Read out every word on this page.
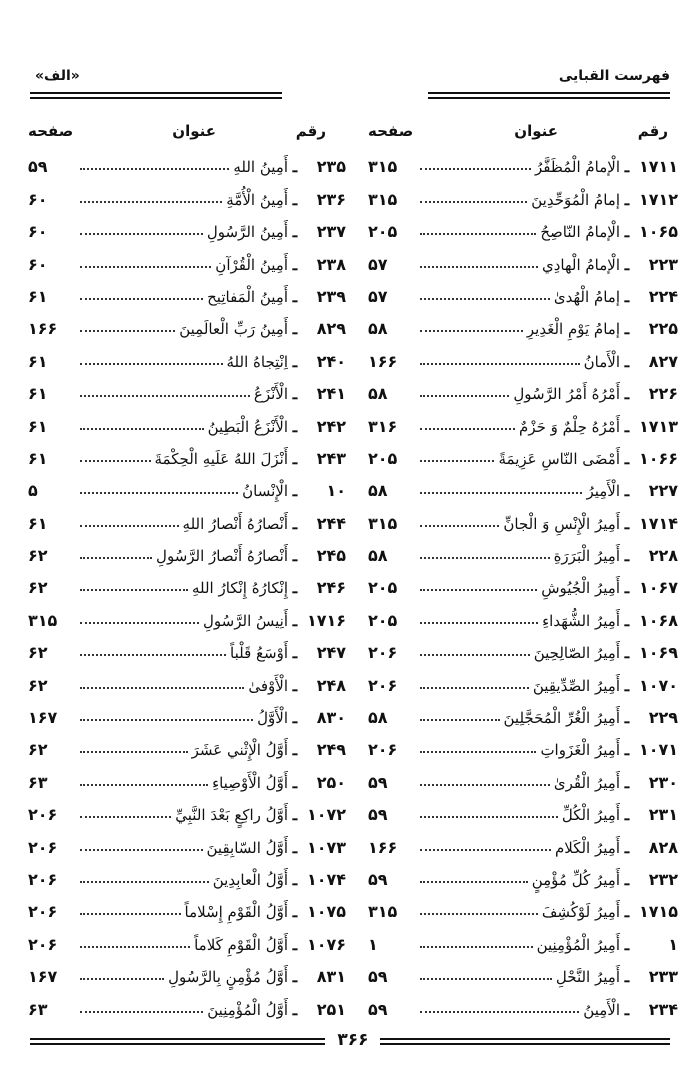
فهرست القبایی
«الف»
رقم
عنوان
صفحه
۱۷۱۱
ـ
الْإمامُ الْمُظَفَّرُ
۳۱۵
۱۷۱۲
ـ
إمامُ الْمُوَحِّدِينَ
۳۱۵
۱۰۶۵
ـ
الْإمامُ النّاصِحُ
۲۰۵
۲۲۳
ـ
الْإمامُ الْهادِي
۵۷
۲۲۴
ـ
إمامُ الْهُدىٰ
۵۷
۲۲۵
ـ
إمامُ يَوْمِ الْغَدِيرِ
۵۸
۸۲۷
ـ
الْأَمانُ
۱۶۶
۲۲۶
ـ
أَمْرُهُ أَمْرُ الرَّسُولِ
۵۸
۱۷۱۳
ـ
أَمْرُهُ حِلْمٌ وَ حَزْمٌ
۳۱۶
۱۰۶۶
ـ
أَمْضَى النّاسِ عَزِيمَةً
۲۰۵
۲۲۷
ـ
الْأَمِيرُ
۵۸
۱۷۱۴
ـ
أَمِيرُ الْإِنْسِ وَ الْجانِّ
۳۱۵
۲۲۸
ـ
أَمِيرُ الْبَرَرَةِ
۵۸
۱۰۶۷
ـ
أَمِيرُ الْجُيُوشِ
۲۰۵
۱۰۶۸
ـ
أَمِيرُ الشُّهَداءِ
۲۰۵
۱۰۶۹
ـ
أَمِيرُ الصّالِحِينَ
۲۰۶
۱۰۷۰
ـ
أَمِيرُ الصِّدِّيقِينَ
۲۰۶
۲۲۹
ـ
أَمِيرُ الْغُرِّ الْمُحَجَّلِينَ
۵۸
۱۰۷۱
ـ
أَمِيرُ الْغَزَواتِ
۲۰۶
۲۳۰
ـ
أَمِيرُ الْقُرىٰ
۵۹
۲۳۱
ـ
أَمِيرُ الْكُلِّ
۵۹
۸۲۸
ـ
أَمِيرُ الْكَلام
۱۶۶
۲۳۲
ـ
أَمِيرُ كُلِّ مُؤْمِنٍ
۵۹
۱۷۱۵
ـ
أَمِيرُ لَوْكُشِفَ
۳۱۵
۱
ـ
أَمِيرُ الْمُؤْمِنِين
۱
۲۳۳
ـ
أَمِيرُ النَّحْلِ
۵۹
۲۳۴
ـ
الْأَمِينُ
۵۹
رقم
عنوان
صفحه
۲۳۵
ـ
أَمِينُ اللهِ
۵۹
۲۳۶
ـ
أَمِينُ الْأُمَّةِ
۶۰
۲۳۷
ـ
أَمِينُ الرَّسُولِ
۶۰
۲۳۸
ـ
أَمِينُ الْقُرْآنِ
۶۰
۲۳۹
ـ
أَمِينُ الْمَفاتِيح
۶۱
۸۲۹
ـ
أَمِينُ رَبِّ الْعالَمِينَ
۱۶۶
۲۴۰
ـ
اِنْتِجاهُ اللهُ
۶۱
۲۴۱
ـ
الْأَنْزَعُ
۶۱
۲۴۲
ـ
الْأَنْزَعُ الْبَطِينُ
۶۱
۲۴۳
ـ
أَنْزَلَ اللهُ عَلَيهِ الْحِكْمَةَ
۶۱
۱۰
ـ
الْإِنْسانُ
۵
۲۴۴
ـ
أَنْصارُهُ أَنْصارُ اللهِ
۶۱
۲۴۵
ـ
أَنْصارُهُ أَنْصارُ الرَّسُولِ
۶۲
۲۴۶
ـ
إِنْكارُهُ إِنْكارُ اللهِ
۶۲
۱۷۱۶
ـ
أَنِيسُ الرَّسُولِ
۳۱۵
۲۴۷
ـ
أَوْسَعُ قَلْباً
۶۲
۲۴۸
ـ
الْأَوْفىٰ
۶۲
۸۳۰
ـ
الْأَوَّلُ
۱۶۷
۲۴۹
ـ
أَوَّلُ الْإِثْني عَشَرَ
۶۲
۲۵۰
ـ
أَوَّلُ الْأَوْصِياءِ
۶۳
۱۰۷۲
ـ
أَوَّلُ راكِعٍ بَعْدَ النَّبِيِّ
۲۰۶
۱۰۷۳
ـ
أَوَّلُ السّابِقِينَ
۲۰۶
۱۰۷۴
ـ
أَوَّلُ الْعابِدِينَ
۲۰۶
۱۰۷۵
ـ
أَوَّلُ الْقَوْمِ إِسْلاماً
۲۰۶
۱۰۷۶
ـ
أَوَّلُ الْقَوْمِ كَلاماً
۲۰۶
۸۳۱
ـ
أَوَّلُ مُؤْمِنٍ بِالرَّسُولِ
۱۶۷
۲۵۱
ـ
أَوَّلُ الْمُؤْمِنِينَ
۶۳
۳۶۶
